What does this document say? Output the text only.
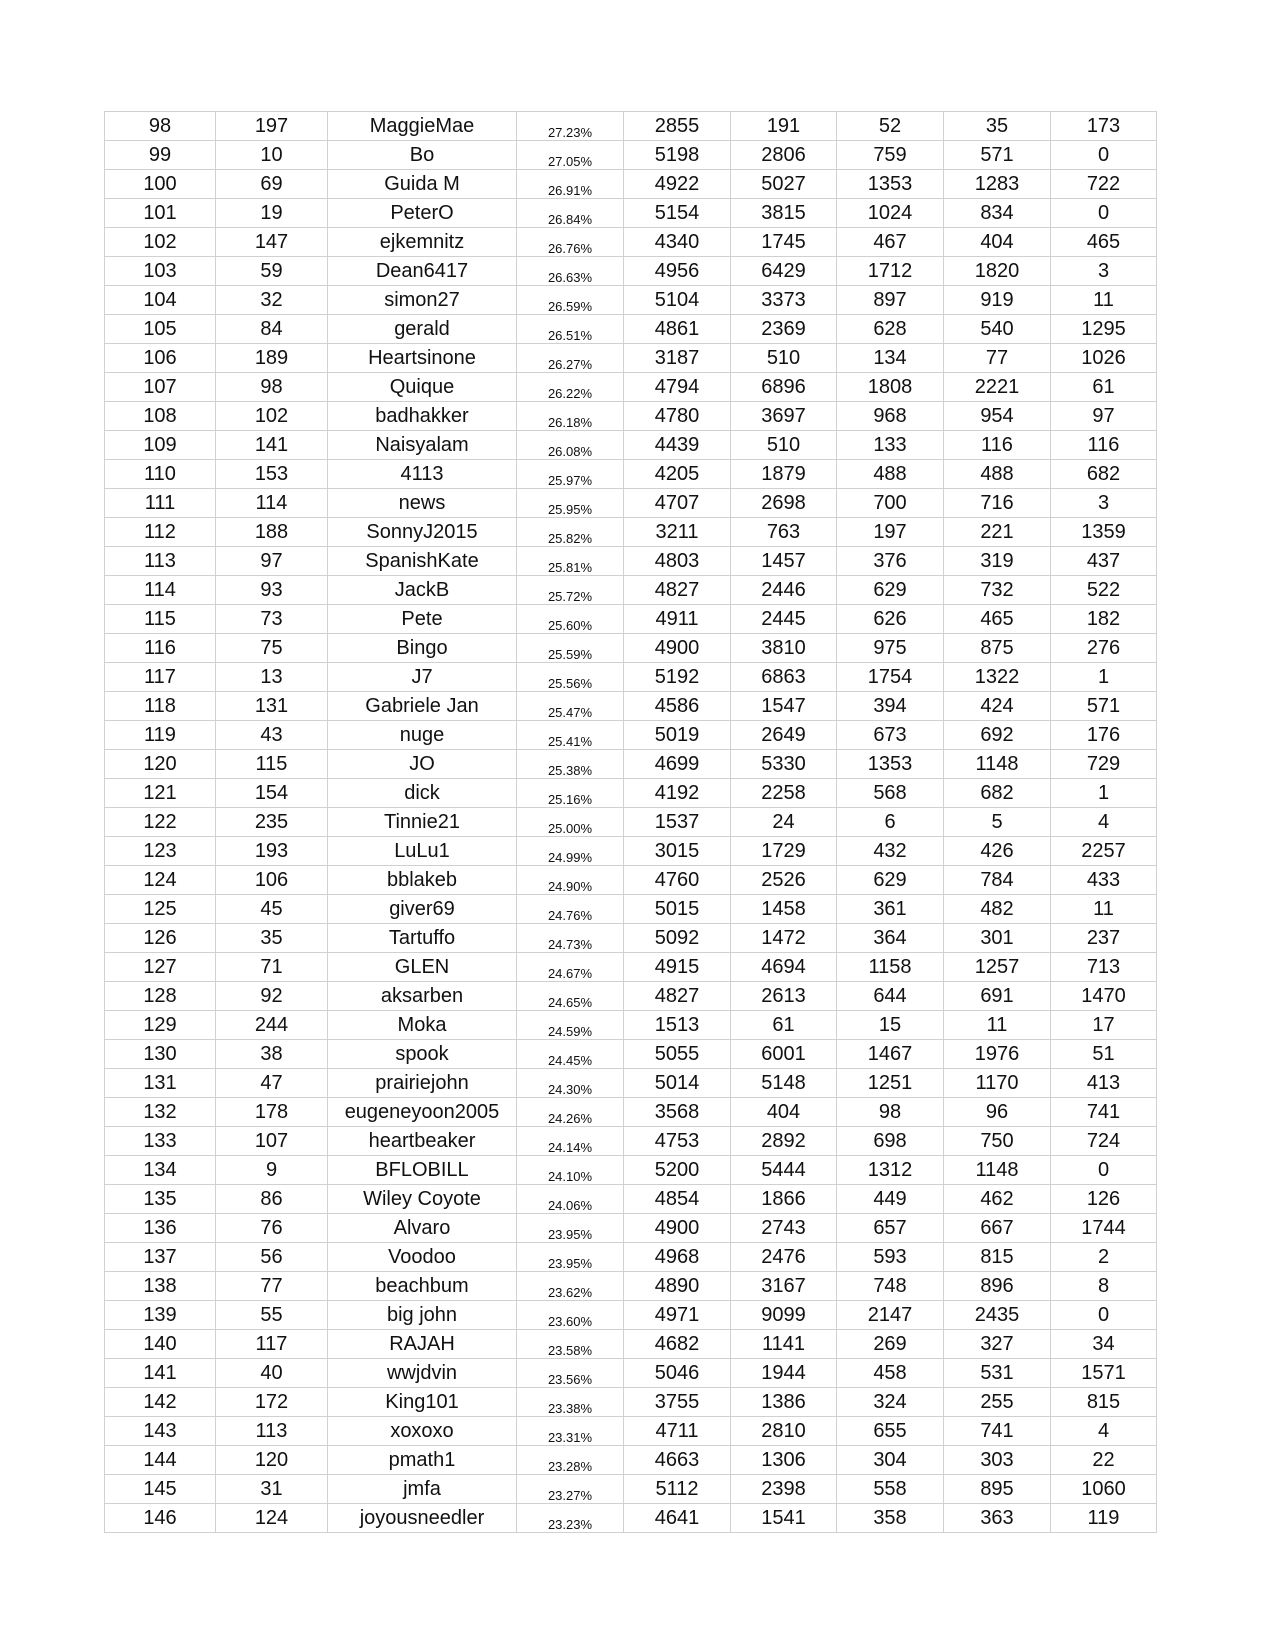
98	197	MaggieMae	27.23%	2855	191	52	35	173
99	10	Bo	27.05%	5198	2806	759	571	0
100	69	Guida M	26.91%	4922	5027	1353	1283	722
101	19	PeterO	26.84%	5154	3815	1024	834	0
102	147	ejkemnitz	26.76%	4340	1745	467	404	465
103	59	Dean6417	26.63%	4956	6429	1712	1820	3
104	32	simon27	26.59%	5104	3373	897	919	11
105	84	gerald	26.51%	4861	2369	628	540	1295
106	189	Heartsinone	26.27%	3187	510	134	77	1026
107	98	Quique	26.22%	4794	6896	1808	2221	61
108	102	badhakker	26.18%	4780	3697	968	954	97
109	141	Naisyalam	26.08%	4439	510	133	116	116
110	153	4113	25.97%	4205	1879	488	488	682
111	114	news	25.95%	4707	2698	700	716	3
112	188	SonnyJ2015	25.82%	3211	763	197	221	1359
113	97	SpanishKate	25.81%	4803	1457	376	319	437
114	93	JackB	25.72%	4827	2446	629	732	522
115	73	Pete	25.60%	4911	2445	626	465	182
116	75	Bingo	25.59%	4900	3810	975	875	276
117	13	J7	25.56%	5192	6863	1754	1322	1
118	131	Gabriele Jan	25.47%	4586	1547	394	424	571
119	43	nuge	25.41%	5019	2649	673	692	176
120	115	JO	25.38%	4699	5330	1353	1148	729
121	154	dick	25.16%	4192	2258	568	682	1
122	235	Tinnie21	25.00%	1537	24	6	5	4
123	193	LuLu1	24.99%	3015	1729	432	426	2257
124	106	bblakeb	24.90%	4760	2526	629	784	433
125	45	giver69	24.76%	5015	1458	361	482	11
126	35	Tartuffo	24.73%	5092	1472	364	301	237
127	71	GLEN	24.67%	4915	4694	1158	1257	713
128	92	aksarben	24.65%	4827	2613	644	691	1470
129	244	Moka	24.59%	1513	61	15	11	17
130	38	spook	24.45%	5055	6001	1467	1976	51
131	47	prairiejohn	24.30%	5014	5148	1251	1170	413
132	178	eugeneyoon2005	24.26%	3568	404	98	96	741
133	107	heartbeaker	24.14%	4753	2892	698	750	724
134	9	BFLOBILL	24.10%	5200	5444	1312	1148	0
135	86	Wiley Coyote	24.06%	4854	1866	449	462	126
136	76	Alvaro	23.95%	4900	2743	657	667	1744
137	56	Voodoo	23.95%	4968	2476	593	815	2
138	77	beachbum	23.62%	4890	3167	748	896	8
139	55	big john	23.60%	4971	9099	2147	2435	0
140	117	RAJAH	23.58%	4682	1141	269	327	34
141	40	wwjdvin	23.56%	5046	1944	458	531	1571
142	172	King101	23.38%	3755	1386	324	255	815
143	113	xoxoxo	23.31%	4711	2810	655	741	4
144	120	pmath1	23.28%	4663	1306	304	303	22
145	31	jmfa	23.27%	5112	2398	558	895	1060
146	124	joyousneedler	23.23%	4641	1541	358	363	119
